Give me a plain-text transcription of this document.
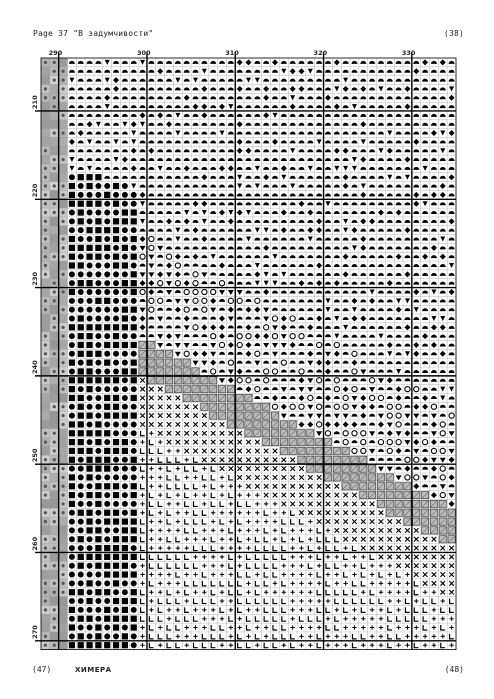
Page 37 "В задумчивости"	(38)
290	300	310	320	330
210
220
230
240
250
260
270
(47)	ХИМЕРА	(48)
